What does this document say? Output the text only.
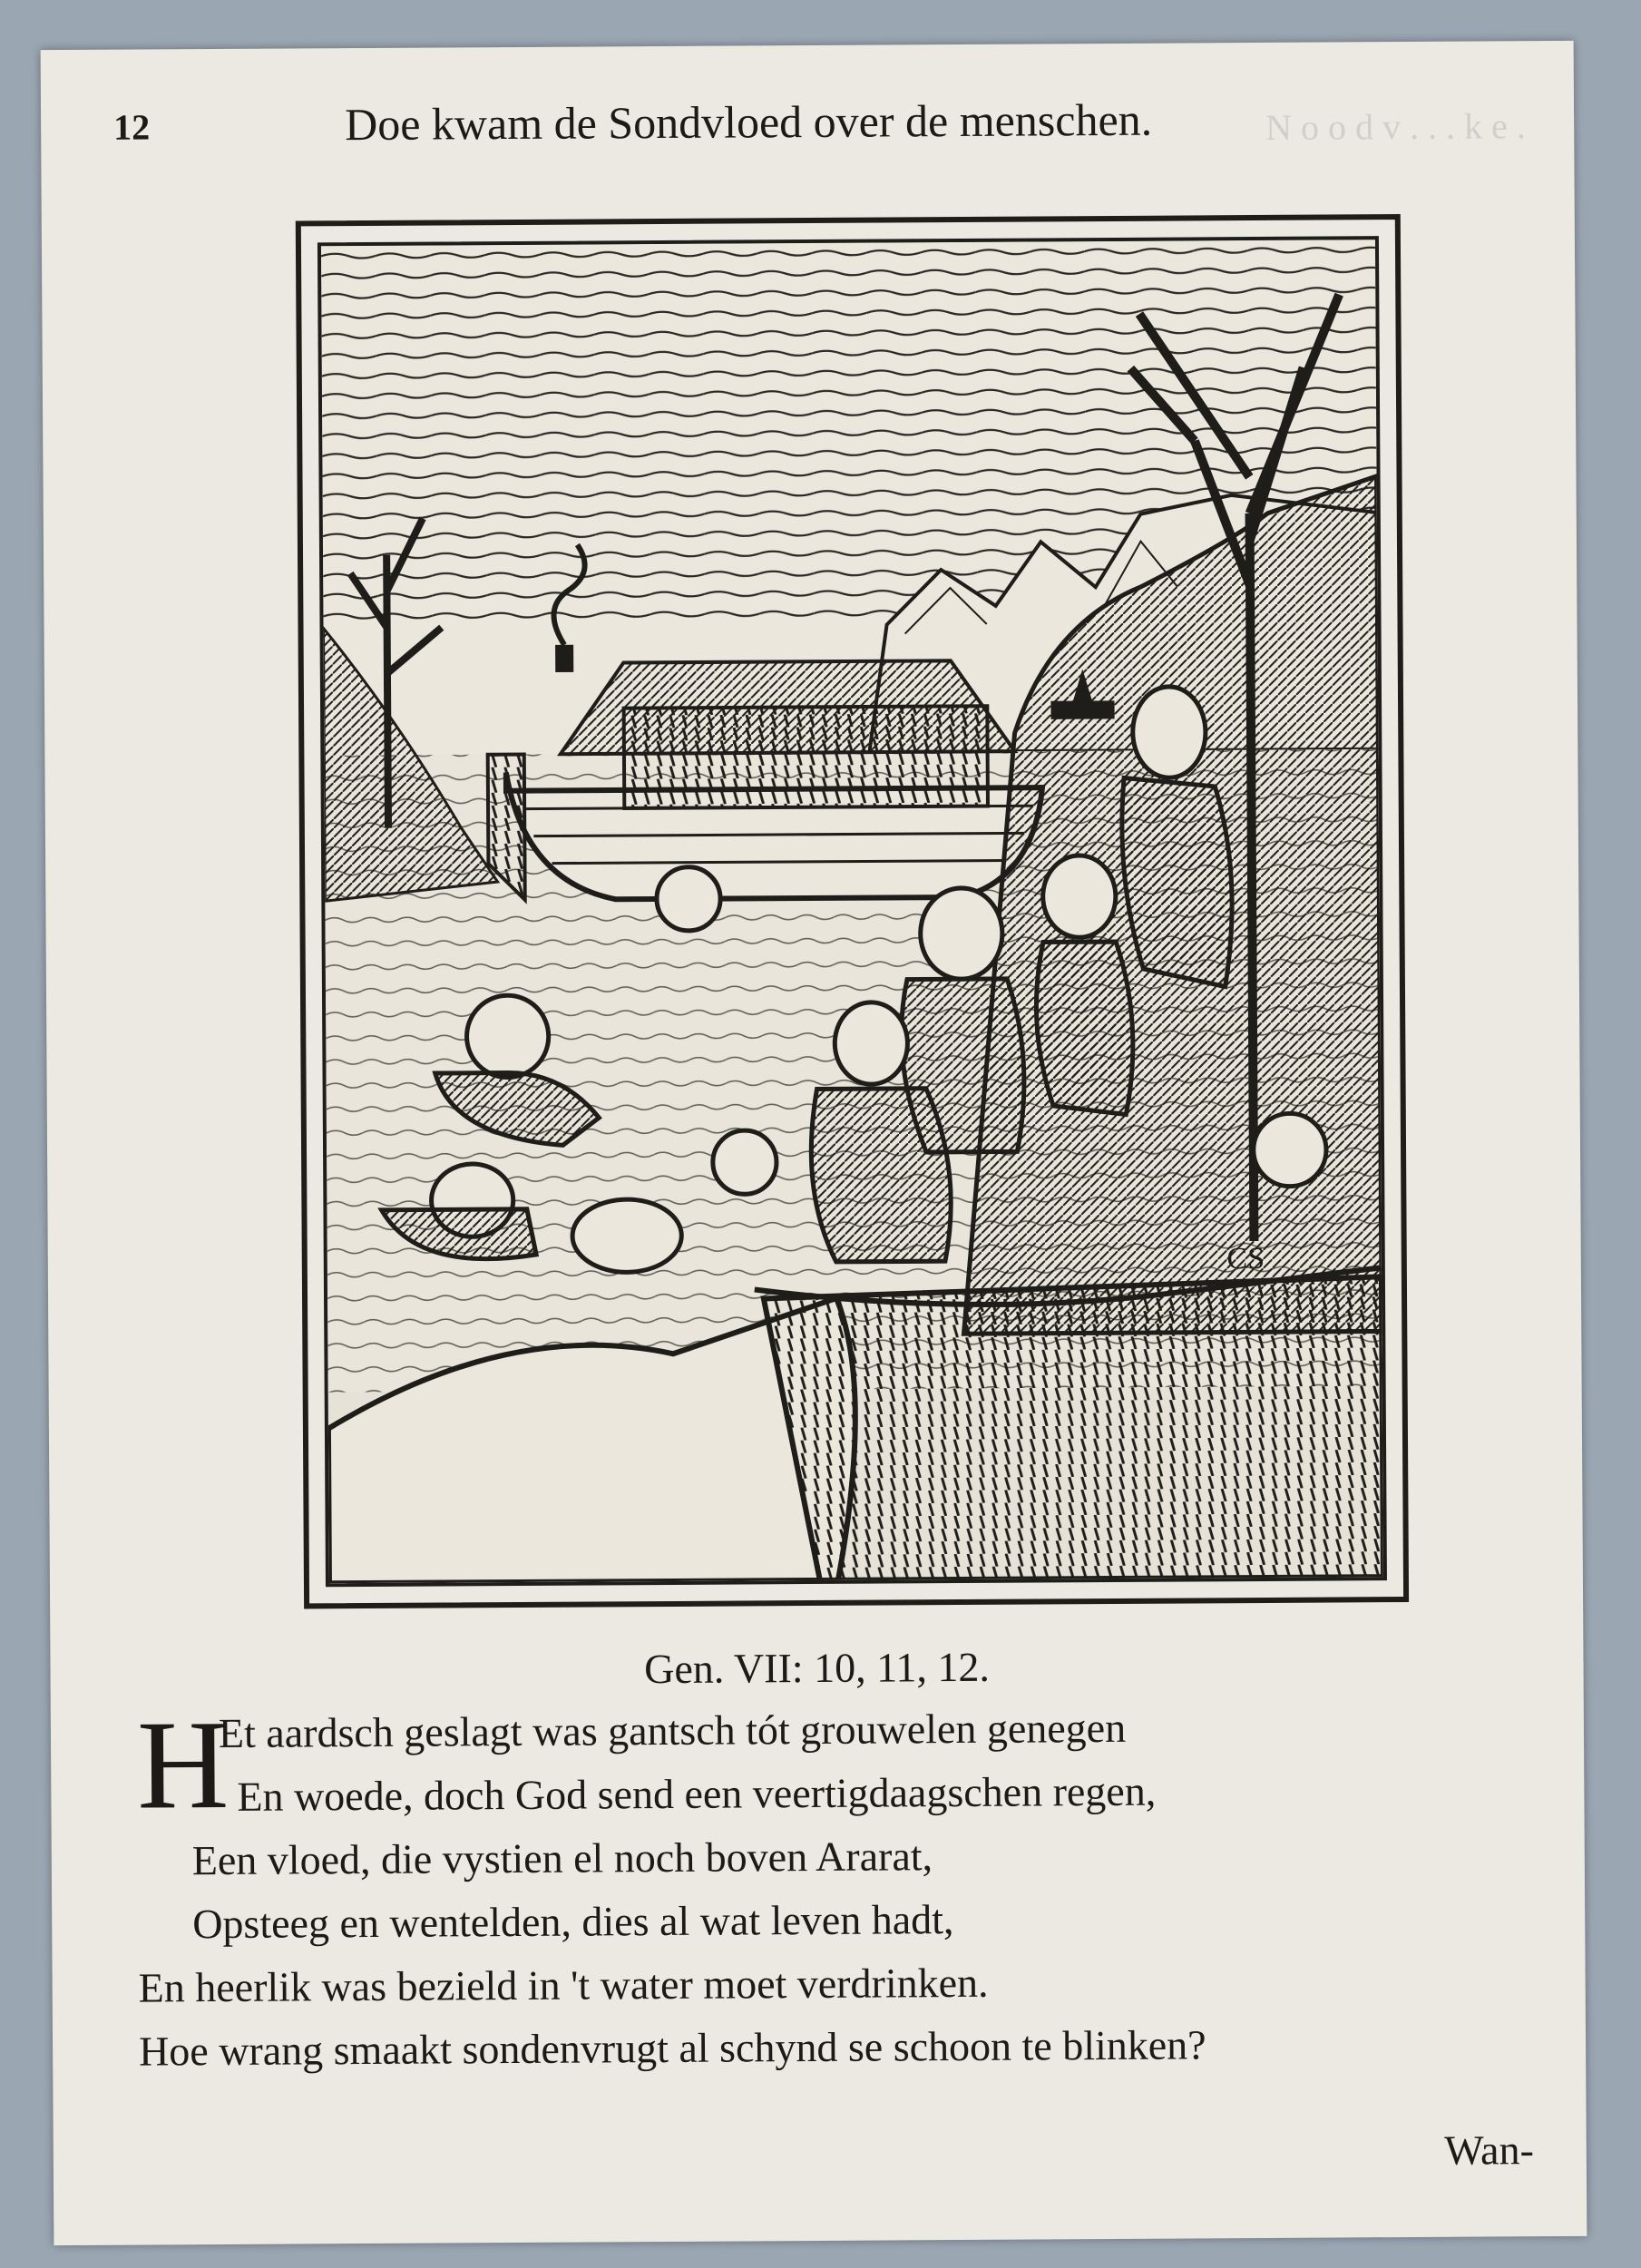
N o o d v . . . k e .
12	Doe kwam de Sondvloed over de menschen.
CS
Gen. VII: 10, 11, 12.
H
Et aardsch geslagt was gantsch tót grouwelen genegen
En woede, doch God send een veertigdaagschen regen,
Een vloed, die vystien el noch boven Ararat,
Opsteeg en wentelden, dies al wat leven hadt,
En heerlik was bezield in 't water moet verdrinken.
Hoe wrang smaakt sondenvrugt al schynd se schoon te blinken?
Wan-
